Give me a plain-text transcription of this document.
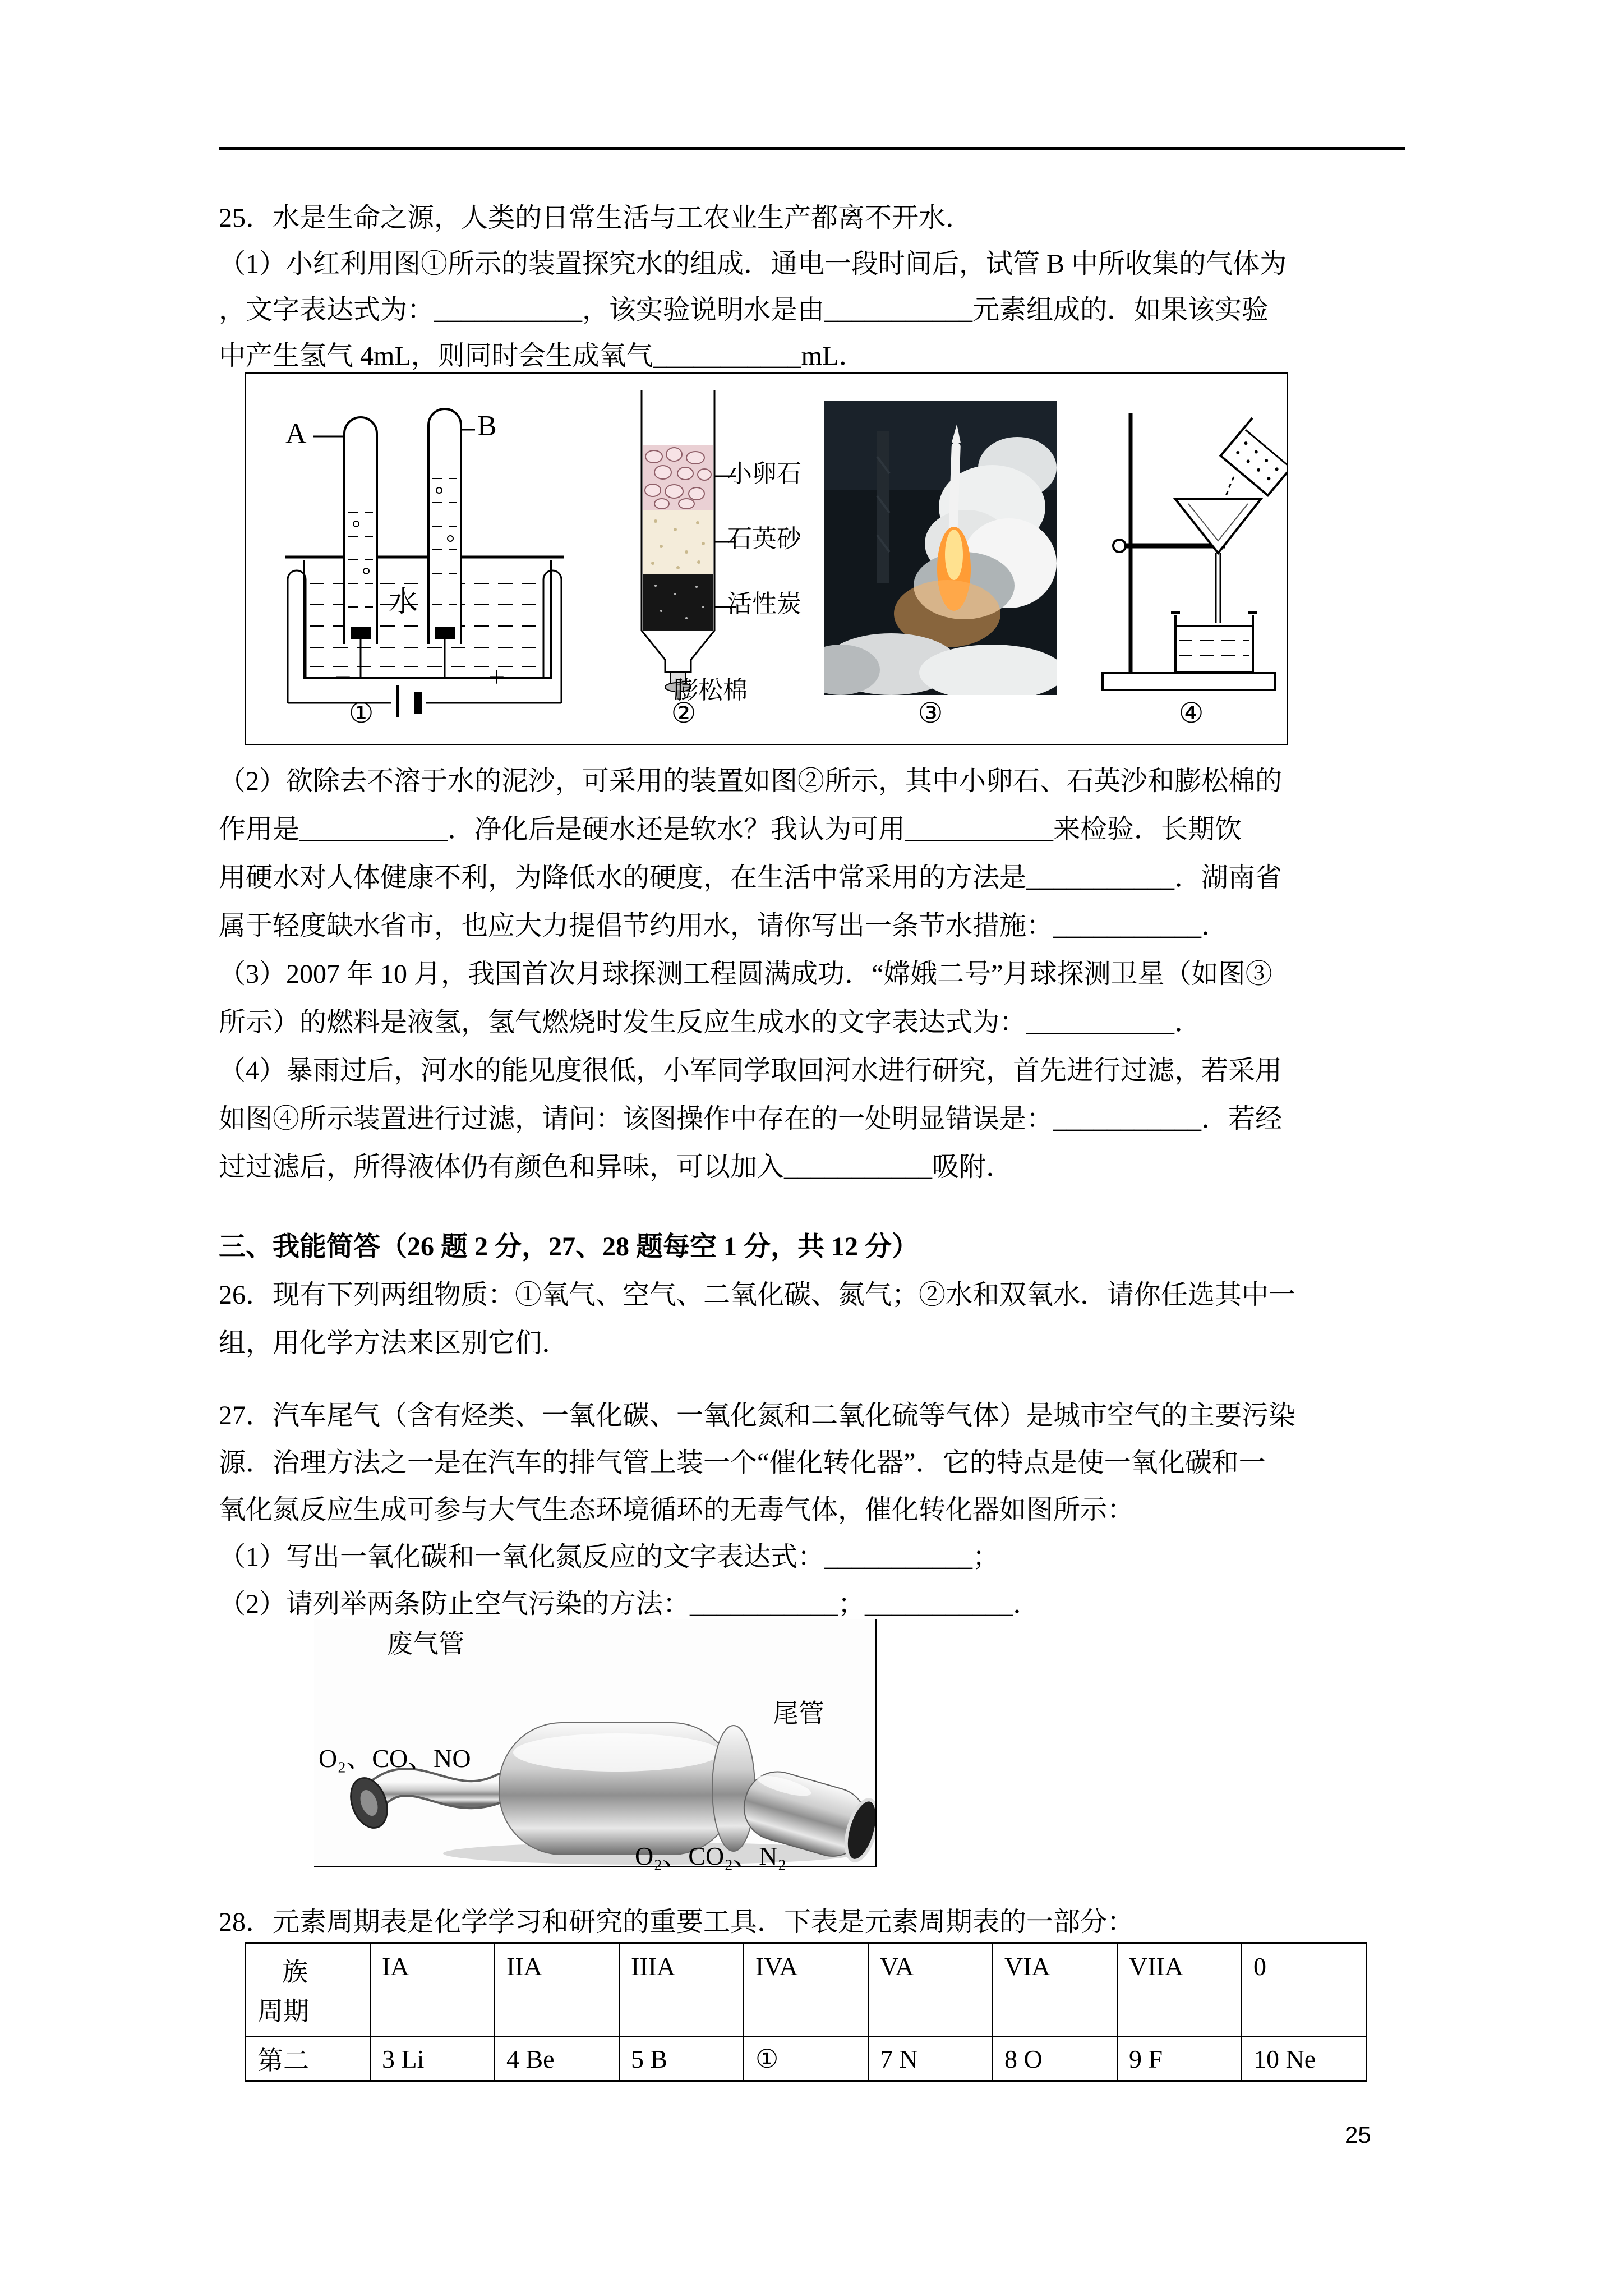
25．水是生命之源，人类的日常生活与工农业生产都离不开水．
（1）小红利用图①所示的装置探究水的组成．通电一段时间后，试管 B 中所收集的气体为
，文字表达式为：___________，该实验说明水是由___________元素组成的．如果该实验
中产生氢气 4mL，则同时会生成氧气___________mL．
A	B
水
−	+
小卵石
石英砂
活性炭
膨松棉
①	②	③	④
（2）欲除去不溶于水的泥沙，可采用的装置如图②所示，其中小卵石、石英沙和膨松棉的
作用是___________．净化后是硬水还是软水？我认为可用___________来检验．长期饮
用硬水对人体健康不利，为降低水的硬度，在生活中常采用的方法是___________．湖南省
属于轻度缺水省市，也应大力提倡节约用水，请你写出一条节水措施：___________．
（3）2007 年 10 月，我国首次月球探测工程圆满成功．“嫦娥二号”月球探测卫星（如图③
所示）的燃料是液氢，氢气燃烧时发生反应生成水的文字表达式为：___________．
（4）暴雨过后，河水的能见度很低，小军同学取回河水进行研究，首先进行过滤，若采用
如图④所示装置进行过滤，请问：该图操作中存在的一处明显错误是：___________．若经
过过滤后，所得液体仍有颜色和异味，可以加入___________吸附．
三、我能简答（26 题 2 分，27、28 题每空 1 分，共 12 分）
26．现有下列两组物质：①氧气、空气、二氧化碳、氮气；②水和双氧水．请你任选其中一
组，用化学方法来区别它们．
27．汽车尾气（含有烃类、一氧化碳、一氧化氮和二氧化硫等气体）是城市空气的主要污染
源．治理方法之一是在汽车的排气管上装一个“催化转化器”．它的特点是使一氧化碳和一
氧化氮反应生成可参与大气生态环境循环的无毒气体，催化转化器如图所示：
（1）写出一氧化碳和一氧化氮反应的文字表达式：___________；
（2）请列举两条防止空气污染的方法：___________；___________．
废气管
尾管
O₂、CO、NO
O₂、CO₂、N₂
28．元素周期表是化学学习和研究的重要工具．下表是元素周期表的一部分：
族
周期	IA	IIA	IIIA	IVA	VA	VIA	VIIA	0
第二	3 Li	4 Be	5 B	①	7 N	8 O	9 F	10 Ne
25
